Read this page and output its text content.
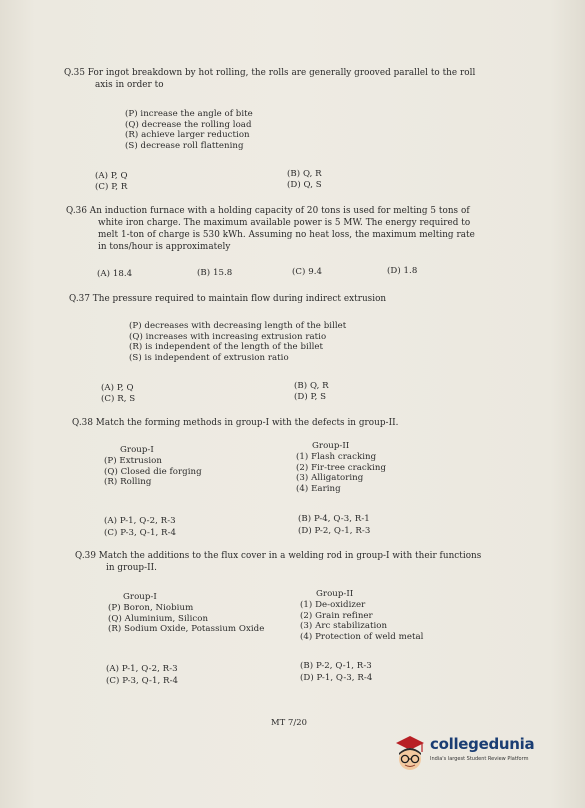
Q.35 For ingot breakdown by hot rolling, the rolls are generally grooved parallel to the roll
axis in order to
(P) increase the angle of bite
(Q) decrease the rolling load
(R) achieve larger reduction
(S) decrease roll flattening
(A) P, Q	(B) Q, R
(C) P, R	(D) Q, S
Q.36 An induction furnace with a holding capacity of 20 tons is used for melting 5 tons of
white iron charge. The maximum available power is 5 MW. The energy required to
melt 1-ton of charge is 530 kWh. Assuming no heat loss, the maximum melting rate
in tons/hour is approximately
(A) 18.4	(B) 15.8	(C) 9.4	(D) 1.8
Q.37 The pressure required to maintain flow during indirect extrusion
(P) decreases with decreasing length of the billet
(Q) increases with increasing extrusion ratio
(R) is independent of the length of the billet
(S) is independent of extrusion ratio
(A) P, Q	(B) Q, R
(C) R, S	(D) P, S
Q.38 Match the forming methods in group-I with the defects in group-II.
Group-I
(P) Extrusion
(Q) Closed die forging
(R) Rolling
Group-II
(1) Flash cracking
(2) Fir-tree cracking
(3) Alligatoring
(4) Earing
(A) P-1, Q-2, R-3	(B) P-4, Q-3, R-1
(C) P-3, Q-1, R-4	(D) P-2, Q-1, R-3
Q.39 Match the additions to the flux cover in a welding rod in group-I with their functions
in group-II.
Group-I
(P) Boron, Niobium
(Q) Aluminium, Silicon
(R) Sodium Oxide, Potassium Oxide
Group-II
(1) De-oxidizer
(2) Grain refiner
(3) Arc stabilization
(4) Protection of weld metal
(A) P-1, Q-2, R-3	(B) P-2, Q-1, R-3
(C) P-3, Q-1, R-4	(D) P-1, Q-3, R-4
MT 7/20
collegedunia
India's largest Student Review Platform
